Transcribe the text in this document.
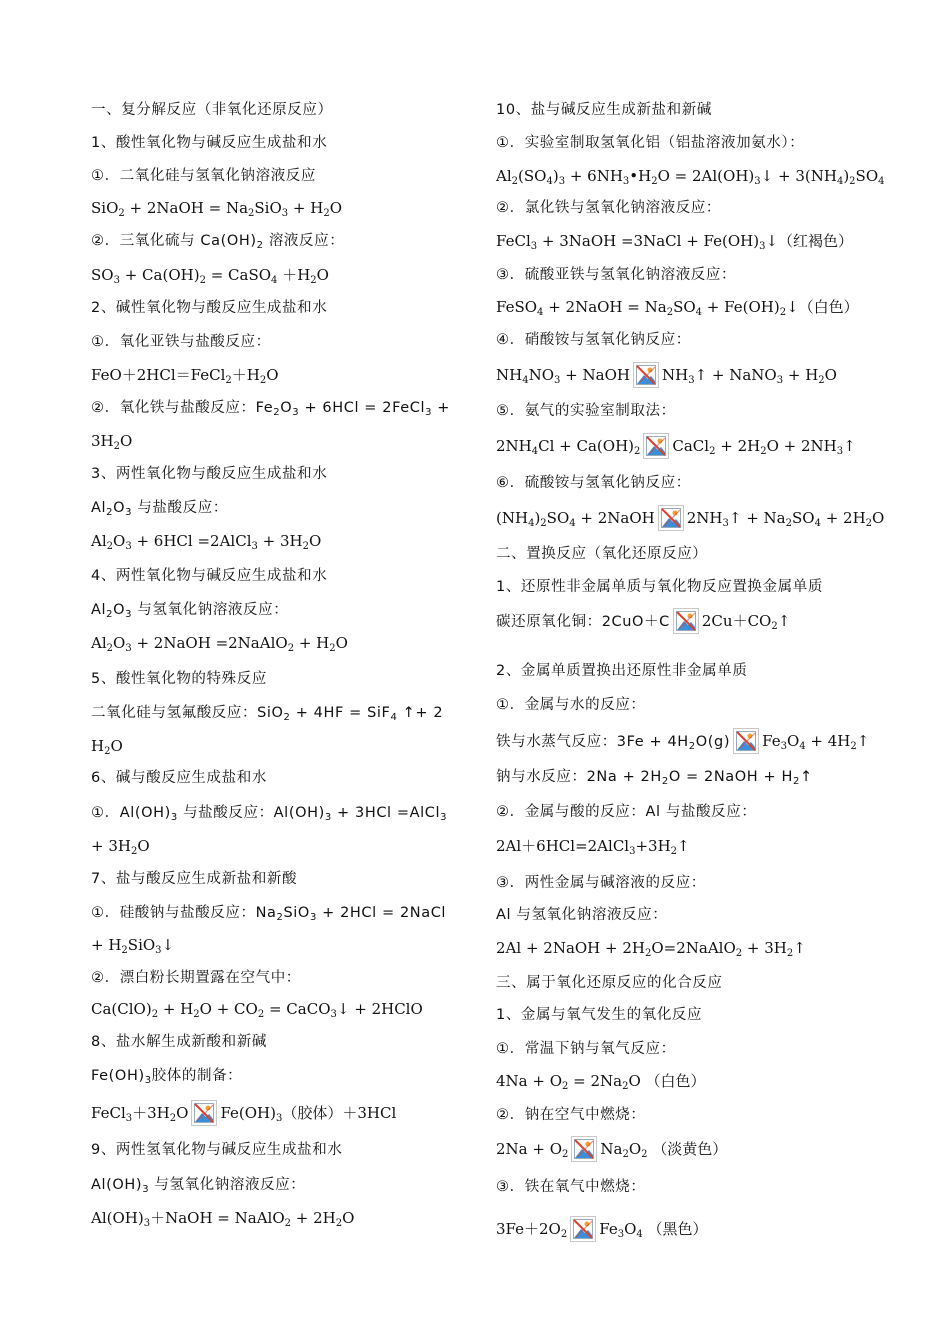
一、复分解反应（非氧化还原反应）
1、酸性氧化物与碱反应生成盐和水
①．二氧化硅与氢氧化钠溶液反应
SiO$_2$ + 2NaOH = $Na_2SiO_3 + H_2O$
②．三氧化硫与 $Ca(OH)_2$ 溶液反应：
$SO_3 + Ca(OH)_2$ = CaSO$_4$ $+H_2O$
2、碱性氧化物与酸反应生成盐和水
①．氧化亚铁与盐酸反应：
$FeO+2HCl=FeCl_2+H_2O$
②．氧化铁与盐酸反应：$Fe_2O_3 + 6HCl$ = 2FeCl$_3$ +
$3H_2O$
3、两性氧化物与酸反应生成盐和水
$Al_2O_3$ 与盐酸反应：
$Al_2O_3 + 6HCl$ =2AlCl$_3$ + $3H_2O$
4、两性氧化物与碱反应生成盐和水
$Al_2O_3$ 与氢氧化钠溶液反应：
$Al_2O_3$ + 2NaOH =2NaAlO$_2$ + $H_2O$
5、酸性氧化物的特殊反应
二氧化硅与氢氟酸反应：SiO$_2$ + 4HF = SiF$_4$ ↑+ 2
$H_2O$
6、碱与酸反应生成盐和水
①．$Al(OH)_3$ 与盐酸反应：$Al(OH)_3 + 3HCl$ =AlCl$_3$
+ $3H_2O$
7、盐与酸反应生成新盐和新酸
①．硅酸钠与盐酸反应：$Na_2SiO_3 + 2HCl$ = 2NaCl
+ $H_2SiO_3↓$
②．漂白粉长期置露在空气中：
$Ca(ClO)_2 + H_2O + CO_2$ = CaCO$_3$↓ + 2HClO
8、盐水解生成新酸和新碱
$Fe(OH)_3$胶体的制备：
$FeCl_3+3H_2O$ $Fe(OH)_3$（胶体）＋3HCl
9、两性氢氧化物与碱反应生成盐和水
$Al(OH)_3$ 与氢氧化钠溶液反应：
$Al(OH)_3+NaOH$ = NaAlO$_2$ + $2H_2O$
10、盐与碱反应生成新盐和新碱
①．实验室制取氢氧化铝（铝盐溶液加氨水）：
$Al_2(SO_4)_3$ + $6NH_3•H_2O$ = $2Al(OH)_3↓ + 3(NH_4)_2SO_4$
②．氯化铁与氢氧化钠溶液反应：
FeCl$_3$ + 3NaOH =3NaCl + $Fe(OH)_3↓$（红褐色）
③．硫酸亚铁与氢氧化钠溶液反应：
FeSO$_4$ + 2NaOH = $Na_2SO_4$ + $Fe(OH)_2↓$（白色）
④．硝酸铵与氢氧化钠反应：
$NH_4NO_3$ + NaOH $NH_3↑$ + NaNO$_3$ + $H_2O$
⑤．氨气的实验室制取法：
$2NH_4Cl + Ca(OH)_2$ CaCl$_2$ + $2H_2O$ + $2NH_3↑$
⑥．硫酸铵与氢氧化钠反应：
$(NH_4)_2SO_4$ + 2NaOH $2NH_3↑ + Na_2SO_4 + 2H_2O$
二、置换反应（氧化还原反应）
1、还原性非金属单质与氧化物反应置换金属单质
碳还原氧化铜：2CuO＋C $2Cu+CO_2↑$
2、金属单质置换出还原性非金属单质
①．金属与水的反应：
铁与水蒸气反应：$3Fe + 4H_2O(g) Fe_3O_4$ + $4H_2↑$
钠与水反应：$2Na + 2H_2O$ = 2NaOH + $H_2↑$
②．金属与酸的反应：Al 与盐酸反应：
$2Al+6HCl=2AlCl_3+3H_2↑$
③．两性金属与碱溶液的反应：
Al 与氢氧化钠溶液反应：
2Al + 2NaOH + $2H_2O=2NaAlO_2$ + $3H_2↑$
三、属于氧化还原反应的化合反应
1、金属与氧气发生的氧化反应
①．常温下钠与氧气反应：
$4Na + O_2 = 2Na_2O$ （白色）
②．钠在空气中燃烧：
$2Na + O_2$ $Na_2O_2$ （淡黄色）
③．铁在氧气中燃烧：
$3Fe+2O_2$ $Fe_3O_4$ （黑色）
